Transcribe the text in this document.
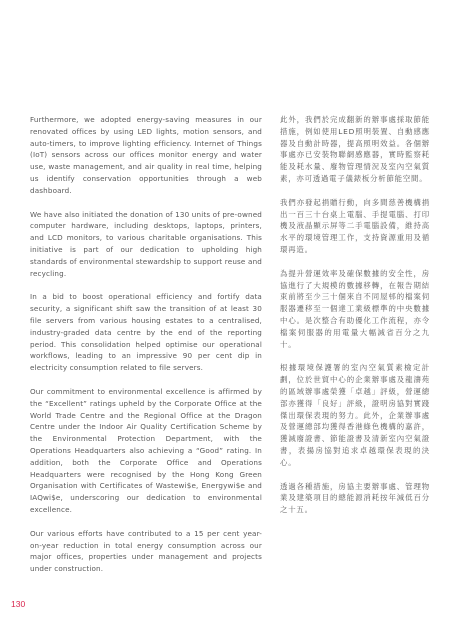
Furthermore, we adopted energy-saving measures in our renovated offices by using LED lights, motion sensors, and auto-timers, to improve lighting efficiency. Internet of Things (IoT) sensors across our offices monitor energy and water use, waste management, and air quality in real time, helping us identify conservation opportunities through a web dashboard.

We have also initiated the donation of 130 units of pre-owned computer hardware, including desktops, laptops, printers, and LCD monitors, to various charitable organisations. This initiative is part of our dedication to upholding high standards of environmental stewardship to support reuse and recycling.

In a bid to boost operational efficiency and fortify data security, a significant shift saw the transition of at least 30 file servers from various housing estates to a centralised, industry-graded data centre by the end of the reporting period. This consolidation helped optimise our operational workflows, leading to an impressive 90 per cent dip in electricity consumption related to file servers.

Our commitment to environmental excellence is affirmed by the “Excellent” ratings upheld by the Corporate Office at the World Trade Centre and the Regional Office at the Dragon Centre under the Indoor Air Quality Certification Scheme by the Environmental Protection Department, with the Operations Headquarters also achieving a “Good” rating. In addition, both the Corporate Office and Operations Headquarters were recognised by the Hong Kong Green Organisation with Certificates of Wastewi$e, Energywi$e and IAQwi$e, underscoring our dedication to environmental excellence.

Our various efforts have contributed to a 15 per cent year-on-year reduction in total energy consumption across our major offices, properties under management and projects under construction.

此外，我們於完成翻新的辦事處採取節能措施，例如使用LED照明裝置、自動感應器及自動計時器，提高照明效益。各個辦事處亦已安裝物聯網感應器，實時監察耗能及耗水量、廢物管理情況及室內空氣質素，亦可透過電子儀錶板分析節能空間。

我們亦發起捐贈行動，向多間慈善機構捐出一百三十台桌上電腦、手提電腦、打印機及液晶顯示屏等二手電腦設備，維持高水平的環境管理工作，支持資源重用及循環再造。

為提升營運效率及確保數據的安全性，房協進行了大規模的數據移轉，在報告期結束前將至少三十個來自不同屋邨的檔案伺服器遷移至一個達工業級標準的中央數據中心。是次整合有助優化工作流程，亦令檔案伺服器的用電量大幅減省百分之九十。

根據環境保護署的室內空氣質素檢定計劃，位於世貿中心的企業辦事處及龍濤苑的區域辦事處榮獲「卓越」評級，營運總部亦獲得「良好」評級，證明房協對實踐傑出環保表現的努力。此外，企業辦事處及營運總部均獲得香港綠色機構的嘉許，獲減廢證書、節能證書及清新室內空氣證書，表揚房協對追求卓越環保表現的決心。

透過各種措施，房協主要辦事處、管理物業及建築項目的總能源消耗按年減低百分之十五。

130
